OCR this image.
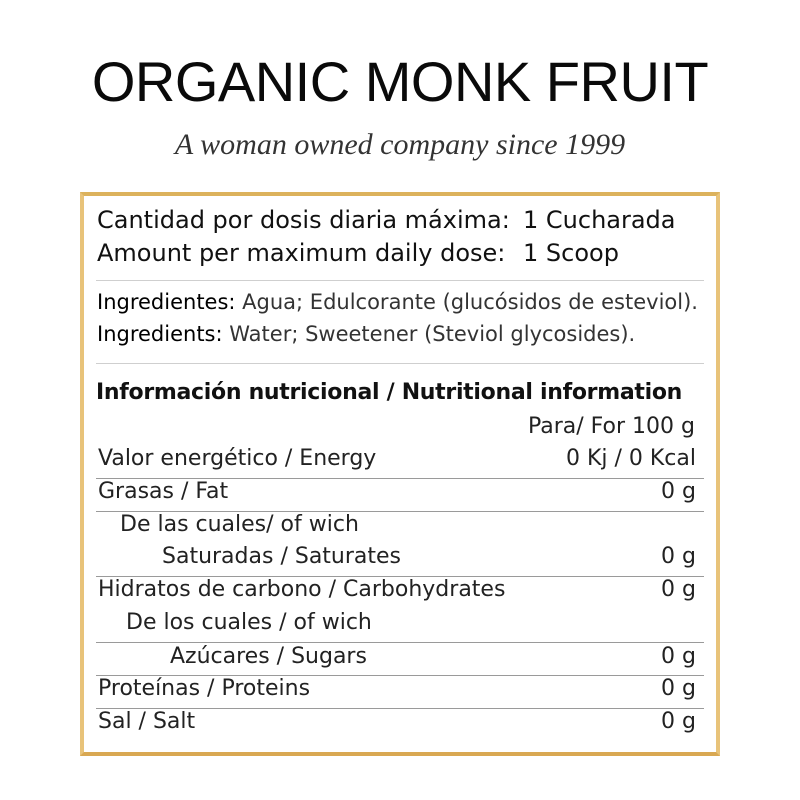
ORGANIC MONK FRUIT
A woman owned company since 1999
Cantidad por dosis diaria máxima: 1 Cucharada
Amount per maximum daily dose: 1 Scoop
Ingredientes: Agua; Edulcorante (glucósidos de esteviol).
Ingredients: Water; Sweetener (Steviol glycosides).
Información nutricional / Nutritional information
Para/ For 100 g
Valor energético / Energy	0 Kj / 0 Kcal
Grasas / Fat	0 g
De las cuales/ of wich
Saturadas / Saturates	0 g
Hidratos de carbono / Carbohydrates	0 g
De los cuales / of wich
Azúcares / Sugars	0 g
Proteínas / Proteins	0 g
Sal / Salt	0 g
